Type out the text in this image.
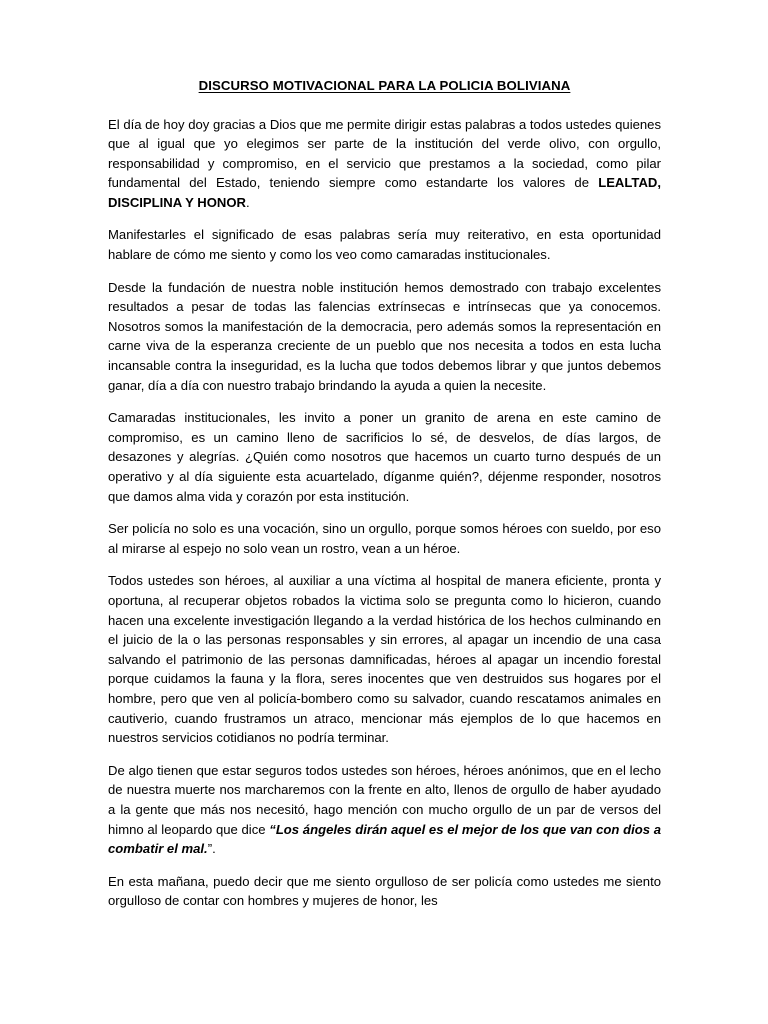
DISCURSO MOTIVACIONAL PARA LA POLICIA BOLIVIANA

El día de hoy doy gracias a Dios que me permite dirigir estas palabras a todos ustedes quienes que al igual que yo elegimos ser parte de la institución del verde olivo, con orgullo, responsabilidad y compromiso, en el servicio que prestamos a la sociedad, como pilar fundamental del Estado, teniendo siempre como estandarte los valores de LEALTAD, DISCIPLINA Y HONOR.

Manifestarles el significado de esas palabras sería muy reiterativo, en esta oportunidad hablare de cómo me siento y como los veo como camaradas institucionales.

Desde la fundación de nuestra noble institución hemos demostrado con trabajo excelentes resultados a pesar de todas las falencias extrínsecas e intrínsecas que ya conocemos. Nosotros somos la manifestación de la democracia, pero además somos la representación en carne viva de la esperanza creciente de un pueblo que nos necesita a todos en esta lucha incansable contra la inseguridad, es la lucha que todos debemos librar y que juntos debemos ganar, día a día con nuestro trabajo brindando la ayuda a quien la necesite.

Camaradas institucionales, les invito a poner un granito de arena en este camino de compromiso, es un camino lleno de sacrificios lo sé, de desvelos, de días largos, de desazones y alegrías. ¿Quién como nosotros que hacemos un cuarto turno después de un operativo y al día siguiente esta acuartelado, díganme quién?, déjenme responder, nosotros que damos alma vida y corazón por esta institución.

Ser policía no solo es una vocación, sino un orgullo, porque somos héroes con sueldo, por eso al mirarse al espejo no solo vean un rostro, vean a un héroe.

Todos ustedes son héroes, al auxiliar a una víctima al hospital de manera eficiente, pronta y oportuna, al recuperar objetos robados la victima solo se pregunta como lo hicieron, cuando hacen una excelente investigación llegando a la verdad histórica de los hechos culminando en el juicio de la o las personas responsables y sin errores, al apagar un incendio de una casa salvando el patrimonio de las personas damnificadas, héroes al apagar un incendio forestal porque cuidamos la fauna y la flora, seres inocentes que ven destruidos sus hogares por el hombre, pero que ven al policía-bombero como su salvador, cuando rescatamos animales en cautiverio, cuando frustramos un atraco, mencionar más ejemplos de lo que hacemos en nuestros servicios cotidianos no podría terminar.

De algo tienen que estar seguros todos ustedes son héroes, héroes anónimos, que en el lecho de nuestra muerte nos marcharemos con la frente en alto, llenos de orgullo de haber ayudado a la gente que más nos necesitó, hago mención con mucho orgullo de un par de versos del himno al leopardo que dice “Los ángeles dirán aquel es el mejor de los que van con dios a combatir el mal.”.

En esta mañana, puedo decir que me siento orgulloso de ser policía como ustedes me siento orgulloso de contar con hombres y mujeres de honor, les
